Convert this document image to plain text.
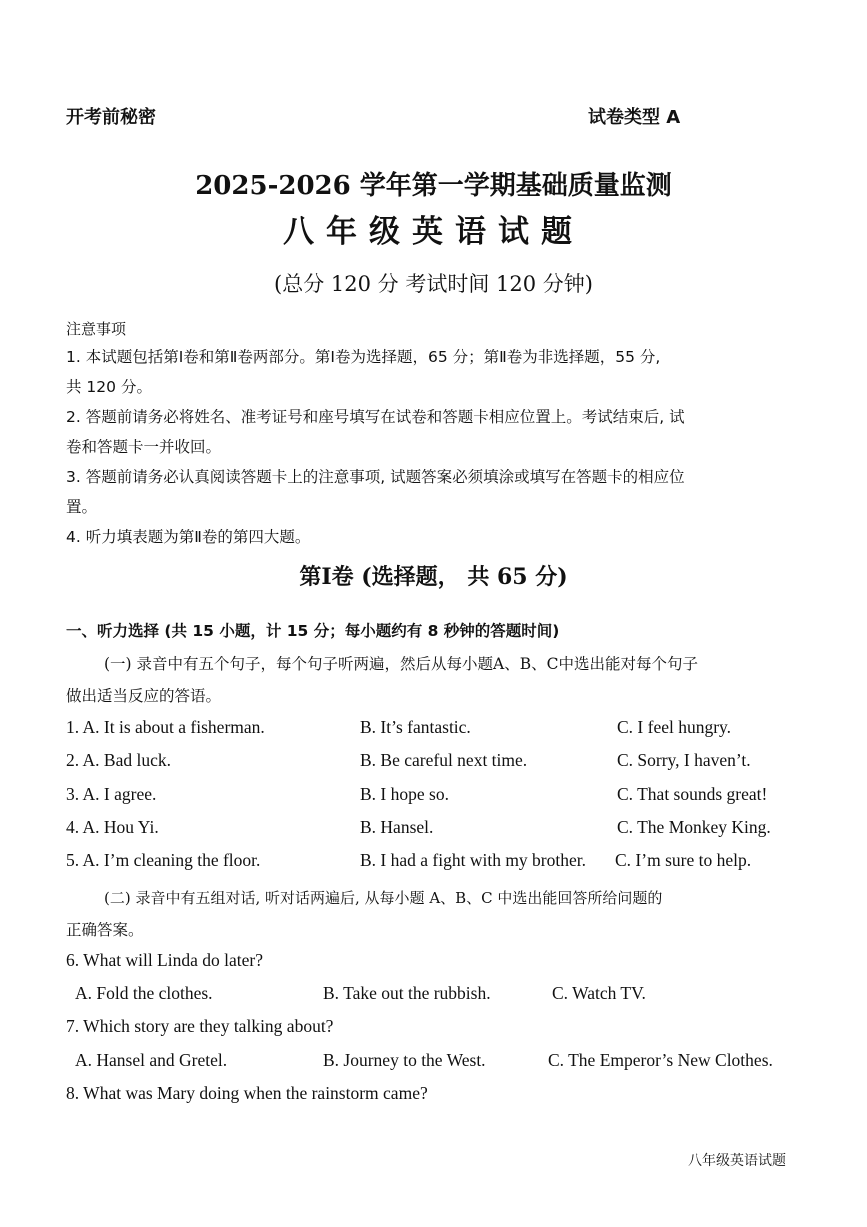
开考前秘密	试卷类型 A
2025-2026 学年第一学期基础质量监测
八年级英语试题
(总分 120 分 考试时间 120 分钟)
注意事项
1. 本试题包括第Ⅰ卷和第Ⅱ卷两部分。第Ⅰ卷为选择题，65 分；第Ⅱ卷为非选择题，55 分,
共 120 分。
2. 答题前请务必将姓名、准考证号和座号填写在试卷和答题卡相应位置上。考试结束后, 试
卷和答题卡一并收回。
3. 答题前请务必认真阅读答题卡上的注意事项, 试题答案必须填涂或填写在答题卡的相应位
置。
4. 听力填表题为第Ⅱ卷的第四大题。
第Ⅰ卷 (选择题， 共 65 分)
一、听力选择 (共 15 小题，计 15 分；每小题约有 8 秒钟的答题时间)
(一) 录音中有五个句子，每个句子听两遍，然后从每小题A、B、C中选出能对每个句子
做出适当反应的答语。
1. A. It is about a fisherman.	B. It’s fantastic.	C. I feel hungry.
2. A. Bad luck.	B. Be careful next time.	C. Sorry, I haven’t.
3. A. I agree.	B. I hope so.	C. That sounds great!
4. A. Hou Yi.	B. Hansel.	C. The Monkey King.
5. A. I’m cleaning the floor.	B. I had a fight with my brother. C. I’m sure to help.
(二) 录音中有五组对话, 听对话两遍后, 从每小题 A、B、C 中选出能回答所给问题的
正确答案。
6. What will Linda do later?
A. Fold the clothes.	B. Take out the rubbish.	C. Watch TV.
7. Which story are they talking about?
A. Hansel and Gretel.	B. Journey to the West.	C. The Emperor’s New Clothes.
8. What was Mary doing when the rainstorm came?
八年级英语试题
